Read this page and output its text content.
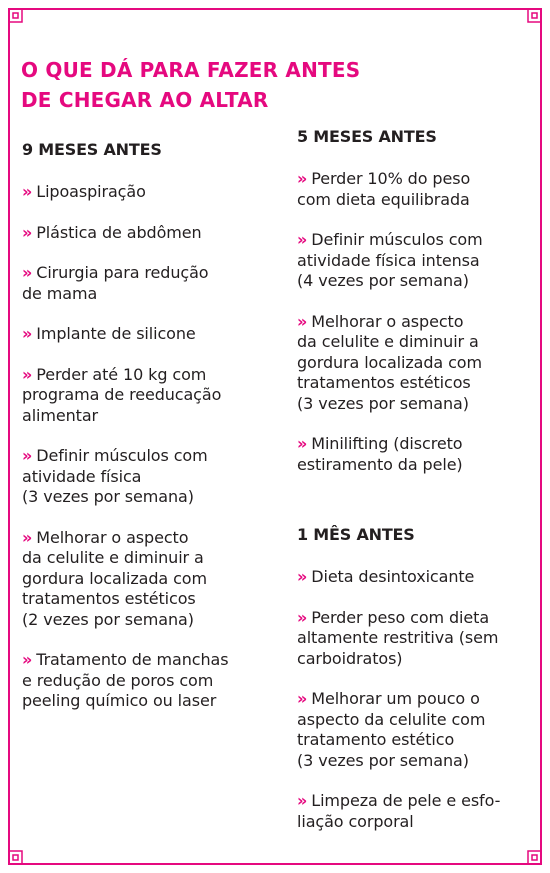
O QUE DÁ PARA FAZER ANTES
DE CHEGAR AO ALTAR
9 MESES ANTES
» Lipoaspiração
» Plástica de abdômen
» Cirurgia para redução
de mama
» Implante de silicone
» Perder até 10 kg com
programa de reeducação
alimentar
» Definir músculos com
atividade física
(3 vezes por semana)
» Melhorar o aspecto
da celulite e diminuir a
gordura localizada com
tratamentos estéticos
(2 vezes por semana)
» Tratamento de manchas
e redução de poros com
peeling químico ou laser
5 MESES ANTES
» Perder 10% do peso
com dieta equilibrada
» Definir músculos com
atividade física intensa
(4 vezes por semana)
» Melhorar o aspecto
da celulite e diminuir a
gordura localizada com
tratamentos estéticos
(3 vezes por semana)
» Minilifting (discreto
estiramento da pele)
1 MÊS ANTES
» Dieta desintoxicante
» Perder peso com dieta
altamente restritiva (sem
carboidratos)
» Melhorar um pouco o
aspecto da celulite com
tratamento estético
(3 vezes por semana)
» Limpeza de pele e esfo-
liação corporal
